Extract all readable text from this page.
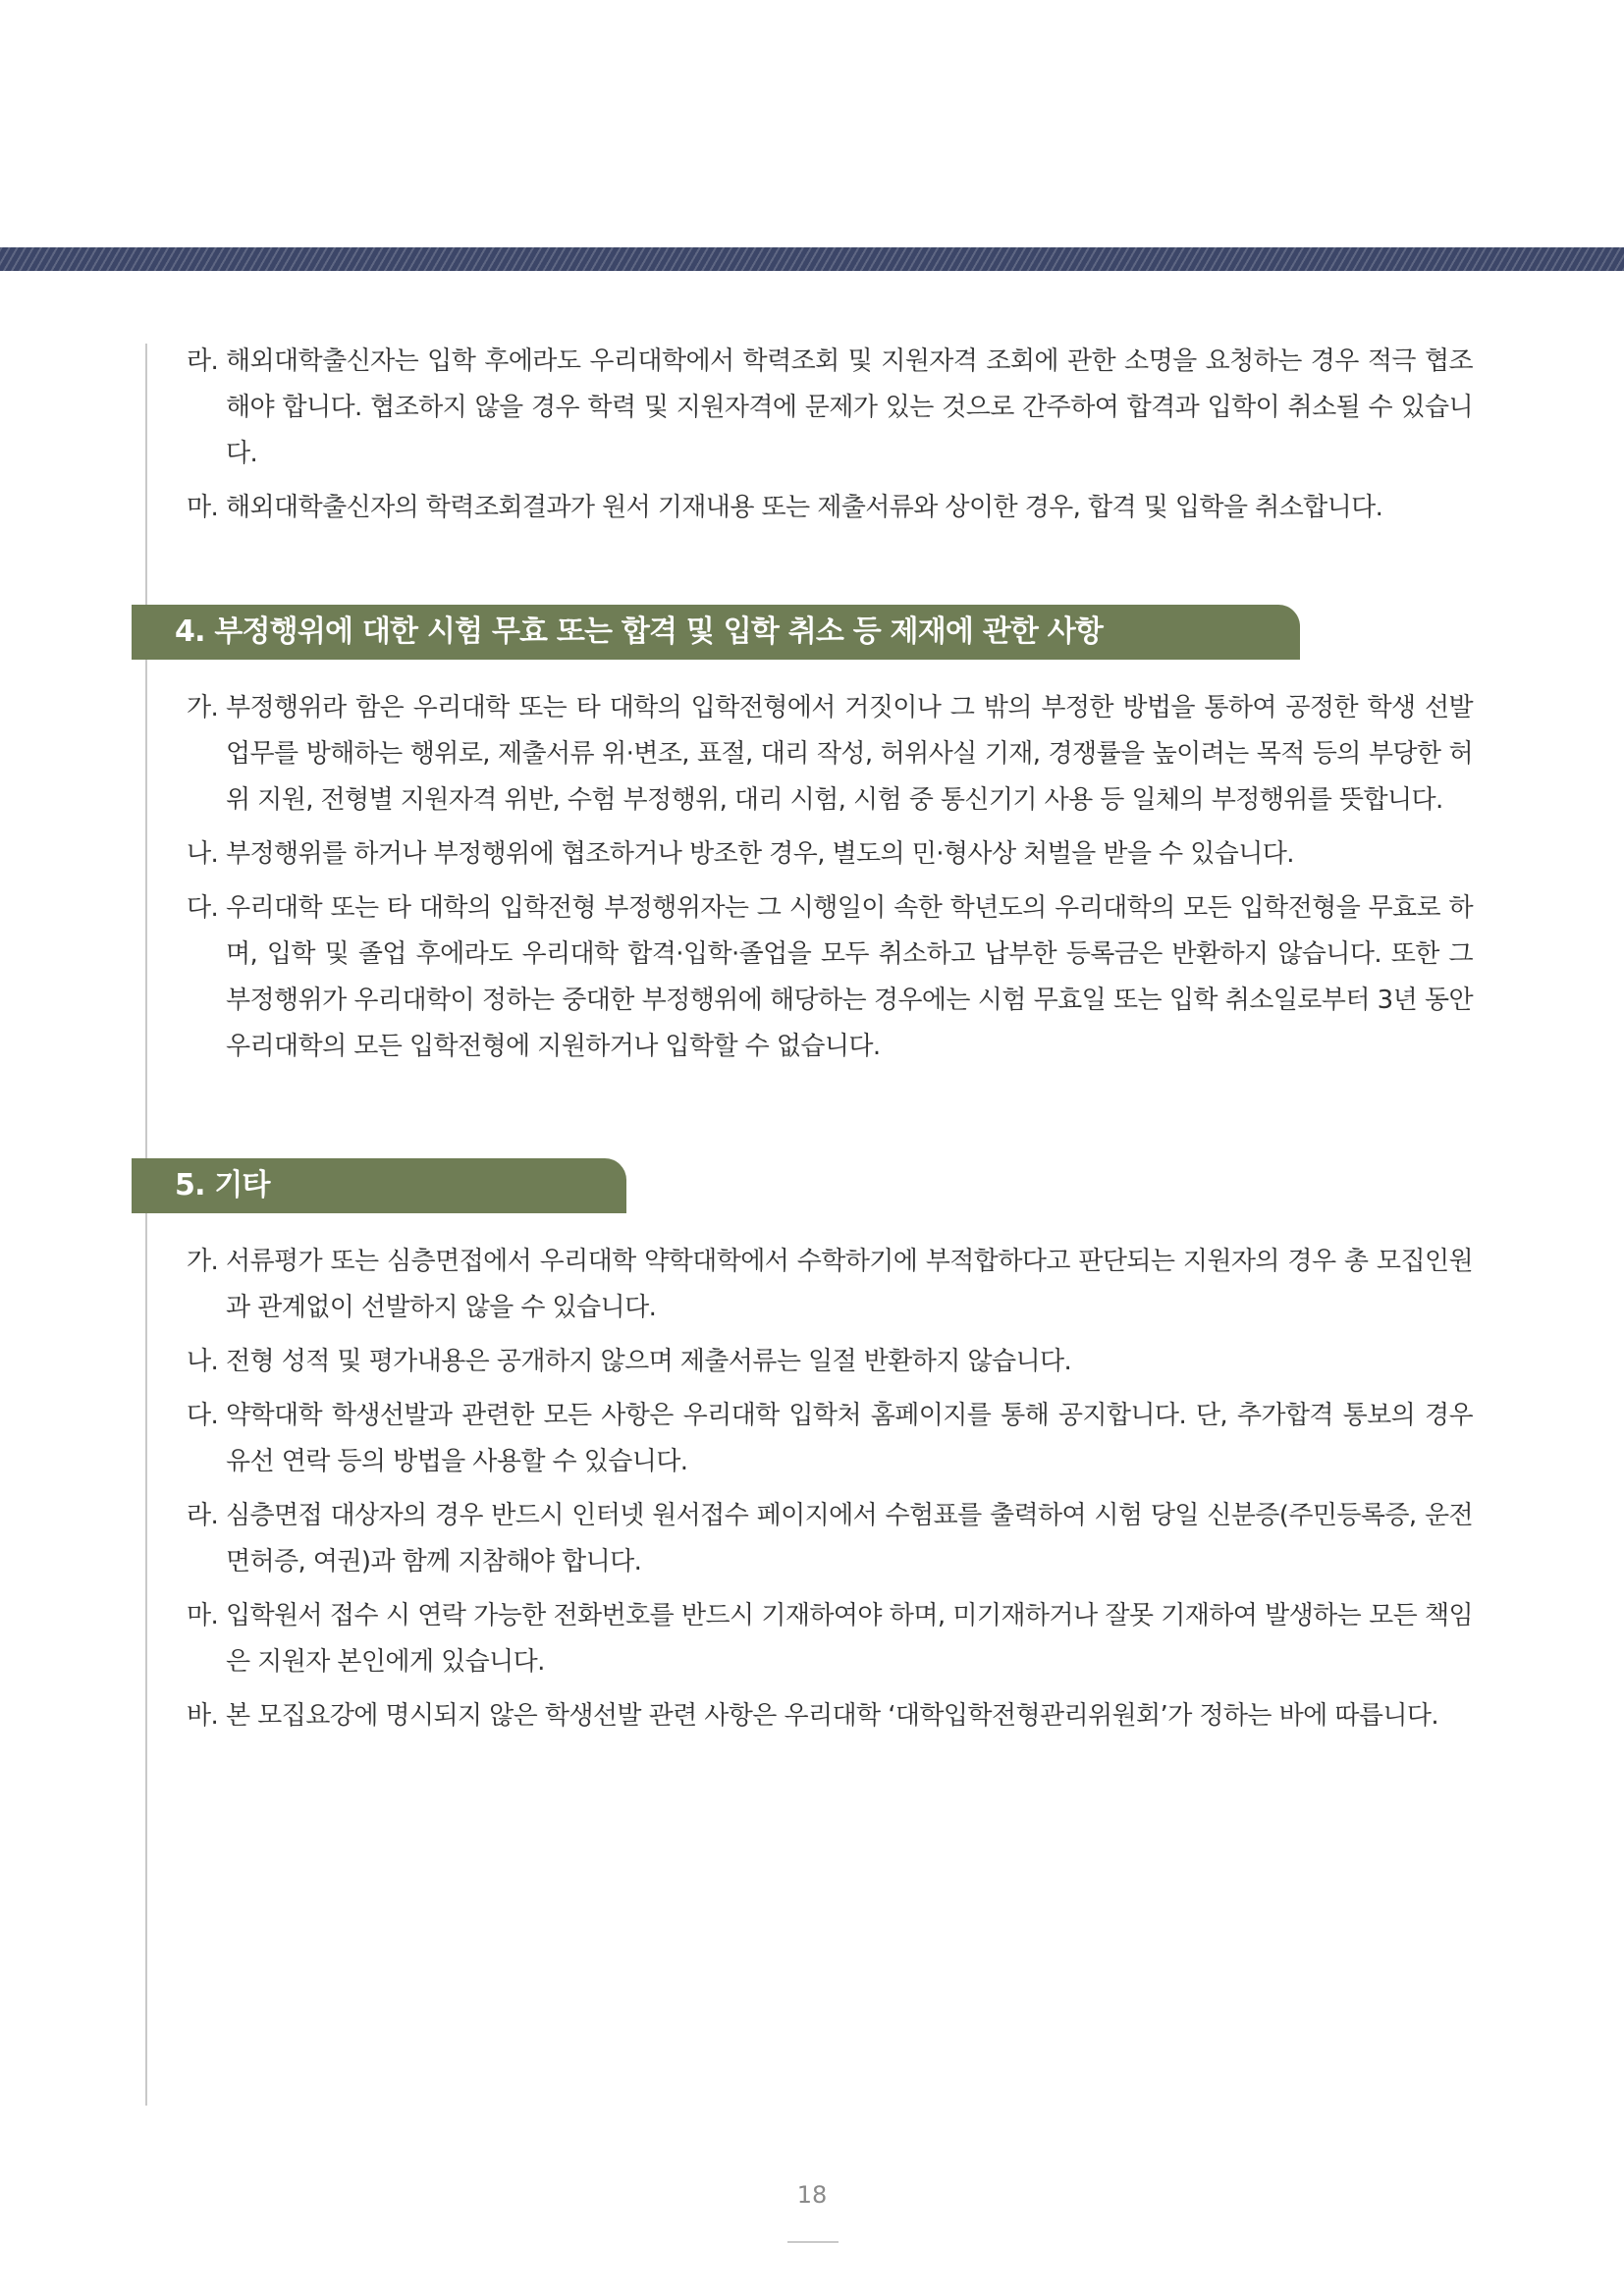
라. 해외대학출신자는 입학 후에라도 우리대학에서 학력조회 및 지원자격 조회에 관한 소명을 요청하는 경우 적극 협조해야 합니다. 협조하지 않을 경우 학력 및 지원자격에 문제가 있는 것으로 간주하여 합격과 입학이 취소될 수 있습니다.
마. 해외대학출신자의 학력조회결과가 원서 기재내용 또는 제출서류와 상이한 경우, 합격 및 입학을 취소합니다.
4. 부정행위에 대한 시험 무효 또는 합격 및 입학 취소 등 제재에 관한 사항
가. 부정행위라 함은 우리대학 또는 타 대학의 입학전형에서 거짓이나 그 밖의 부정한 방법을 통하여 공정한 학생 선발 업무를 방해하는 행위로, 제출서류 위·변조, 표절, 대리 작성, 허위사실 기재, 경쟁률을 높이려는 목적 등의 부당한 허위 지원, 전형별 지원자격 위반, 수험 부정행위, 대리 시험, 시험 중 통신기기 사용 등 일체의 부정행위를 뜻합니다.
나. 부정행위를 하거나 부정행위에 협조하거나 방조한 경우, 별도의 민·형사상 처벌을 받을 수 있습니다.
다. 우리대학 또는 타 대학의 입학전형 부정행위자는 그 시행일이 속한 학년도의 우리대학의 모든 입학전형을 무효로 하며, 입학 및 졸업 후에라도 우리대학 합격·입학·졸업을 모두 취소하고 납부한 등록금은 반환하지 않습니다. 또한 그 부정행위가 우리대학이 정하는 중대한 부정행위에 해당하는 경우에는 시험 무효일 또는 입학 취소일로부터 3년 동안 우리대학의 모든 입학전형에 지원하거나 입학할 수 없습니다.
5. 기타
가. 서류평가 또는 심층면접에서 우리대학 약학대학에서 수학하기에 부적합하다고 판단되는 지원자의 경우 총 모집인원과 관계없이 선발하지 않을 수 있습니다.
나. 전형 성적 및 평가내용은 공개하지 않으며 제출서류는 일절 반환하지 않습니다.
다. 약학대학 학생선발과 관련한 모든 사항은 우리대학 입학처 홈페이지를 통해 공지합니다. 단, 추가합격 통보의 경우 유선 연락 등의 방법을 사용할 수 있습니다.
라. 심층면접 대상자의 경우 반드시 인터넷 원서접수 페이지에서 수험표를 출력하여 시험 당일 신분증(주민등록증, 운전면허증, 여권)과 함께 지참해야 합니다.
마. 입학원서 접수 시 연락 가능한 전화번호를 반드시 기재하여야 하며, 미기재하거나 잘못 기재하여 발생하는 모든 책임은 지원자 본인에게 있습니다.
바. 본 모집요강에 명시되지 않은 학생선발 관련 사항은 우리대학 ‘대학입학전형관리위원회’가 정하는 바에 따릅니다.
18
